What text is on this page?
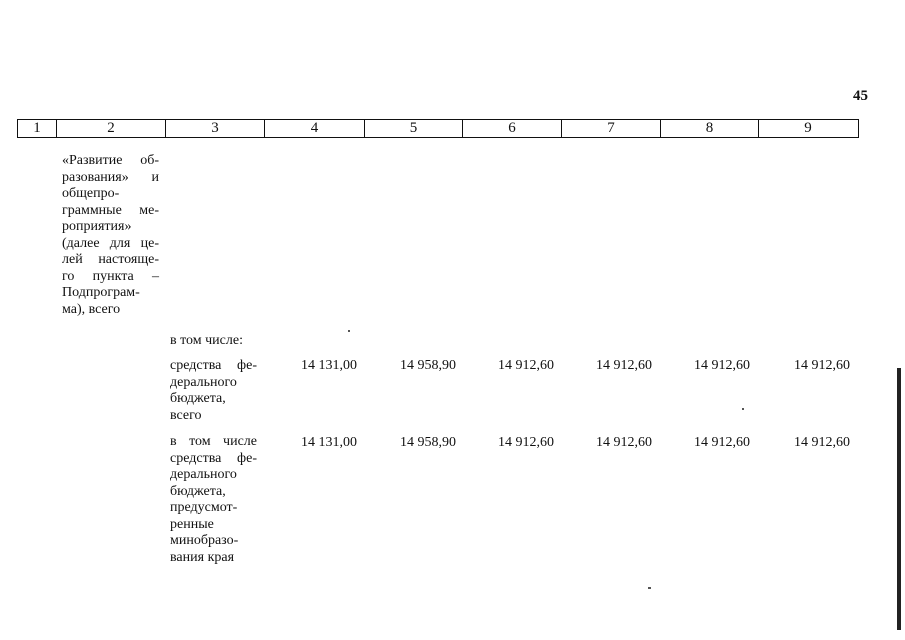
45
1	2	3	4	5	6	7	8	9
«Развитие об-
разования» и
общепро-
граммные ме-
роприятия»
(далее для це-
лей настояще-
го пункта –
Подпрограм-
ма), всего
в том числе:
средства фе-
дерального
бюджета,
всего
14 131,00	14 958,90	14 912,60	14 912,60	14 912,60	14 912,60
в том числе
средства фе-
дерального
бюджета,
предусмот-
ренные
минобразо-
вания края
14 131,00	14 958,90	14 912,60	14 912,60	14 912,60	14 912,60
